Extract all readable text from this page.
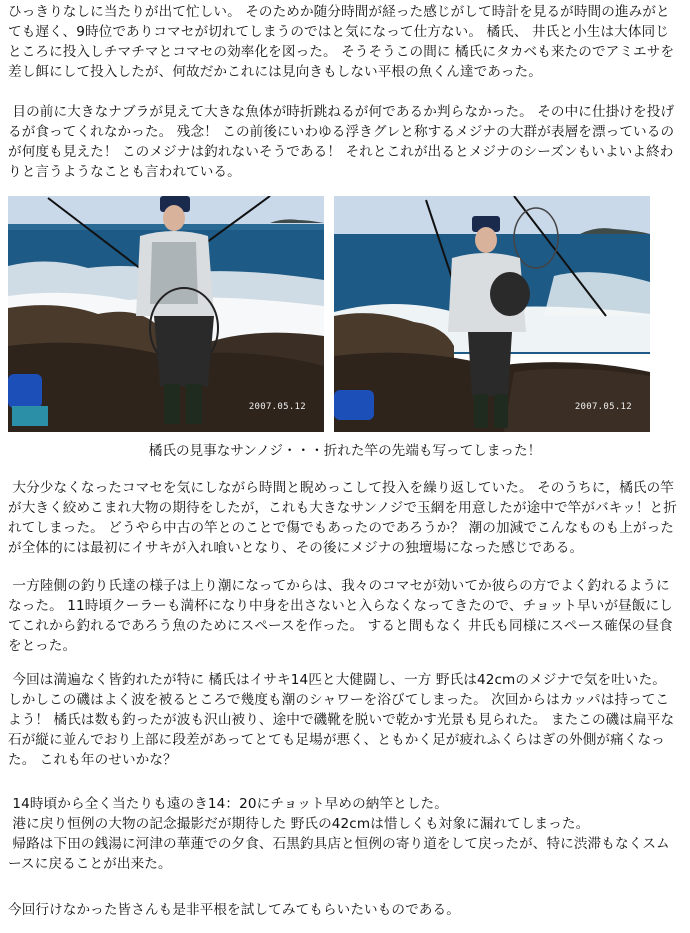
ひっきりなしに当たりが出て忙しい。 そのためか随分時間が経った感じがして時計を見るが時間の進みがとても遅く、9時位でありコマセが切れてしまうのではと気になって仕方ない。 橘氏、 井氏と小生は大体同じところに投入しチマチマとコマセの効率化を図った。 そうそうこの間に 橘氏にタカベも来たのでアミエサを差し餌にして投入したが、何故だかこれには見向きもしない平根の魚くん達であった。

目の前に大きなナブラが見えて大きな魚体が時折跳ねるが何であるか判らなかった。 その中に仕掛けを投げるが食ってくれなかった。 残念！ この前後にいわゆる浮きグレと称するメジナの大群が表層を漂っているのが何度も見えた！ このメジナは釣れないそうである！ それとこれが出るとメジナのシーズンもいよいよ終わりと言うようなことも言われている。

2007.05.12	2007.05.12
橘氏の見事なサンノジ・・・折れた竿の先端も写ってしまった！

大分少なくなったコマセを気にしながら時間と睨めっこして投入を繰り返していた。 そのうちに，橘氏の竿が大きく絞めこまれ大物の期待をしたが，これも大きなサンノジで玉網を用意したが途中で竿がバキッ！と折れてしまった。 どうやら中古の竿とのことで傷でもあったのであろうか？ 潮の加減でこんなものも上がったが全体的には最初にイサキが入れ喰いとなり、その後にメジナの独壇場になった感じである。

一方陸側の釣り氏達の様子は上り潮になってからは、我々のコマセが効いてか彼らの方でよく釣れるようになった。 11時頃クーラーも満杯になり中身を出さないと入らなくなってきたので、チョット早いが昼飯にしてこれから釣れるであろう魚のためにスペースを作った。 すると間もなく 井氏も同様にスペース確保の昼食をとった。

今回は満遍なく皆釣れたが特に 橘氏はイサキ14匹と大健闘し、一方 野氏は42cmのメジナで気を吐いた。 しかしこの磯はよく波を被るところで幾度も潮のシャワーを浴びてしまった。 次回からはカッパは持ってこよう！ 橘氏は数も釣ったが波も沢山被り、途中で磯靴を脱いで乾かす光景も見られた。 またこの磯は扁平な石が縦に並んでおり上部に段差があってとても足場が悪く、ともかく足が疲れふくらはぎの外側が痛くなった。 これも年のせいかな？

14時頃から全く当たりも遠のき14：20にチョット早めの納竿とした。
港に戻り恒例の大物の記念撮影だが期待した 野氏の42cmは惜しくも対象に漏れてしまった。
帰路は下田の銭湯に河津の華蓮での夕食、石黒釣具店と恒例の寄り道をして戻ったが、特に渋滞もなくスムースに戻ることが出来た。

今回行けなかった皆さんも是非平根を試してみてもらいたいものである。
